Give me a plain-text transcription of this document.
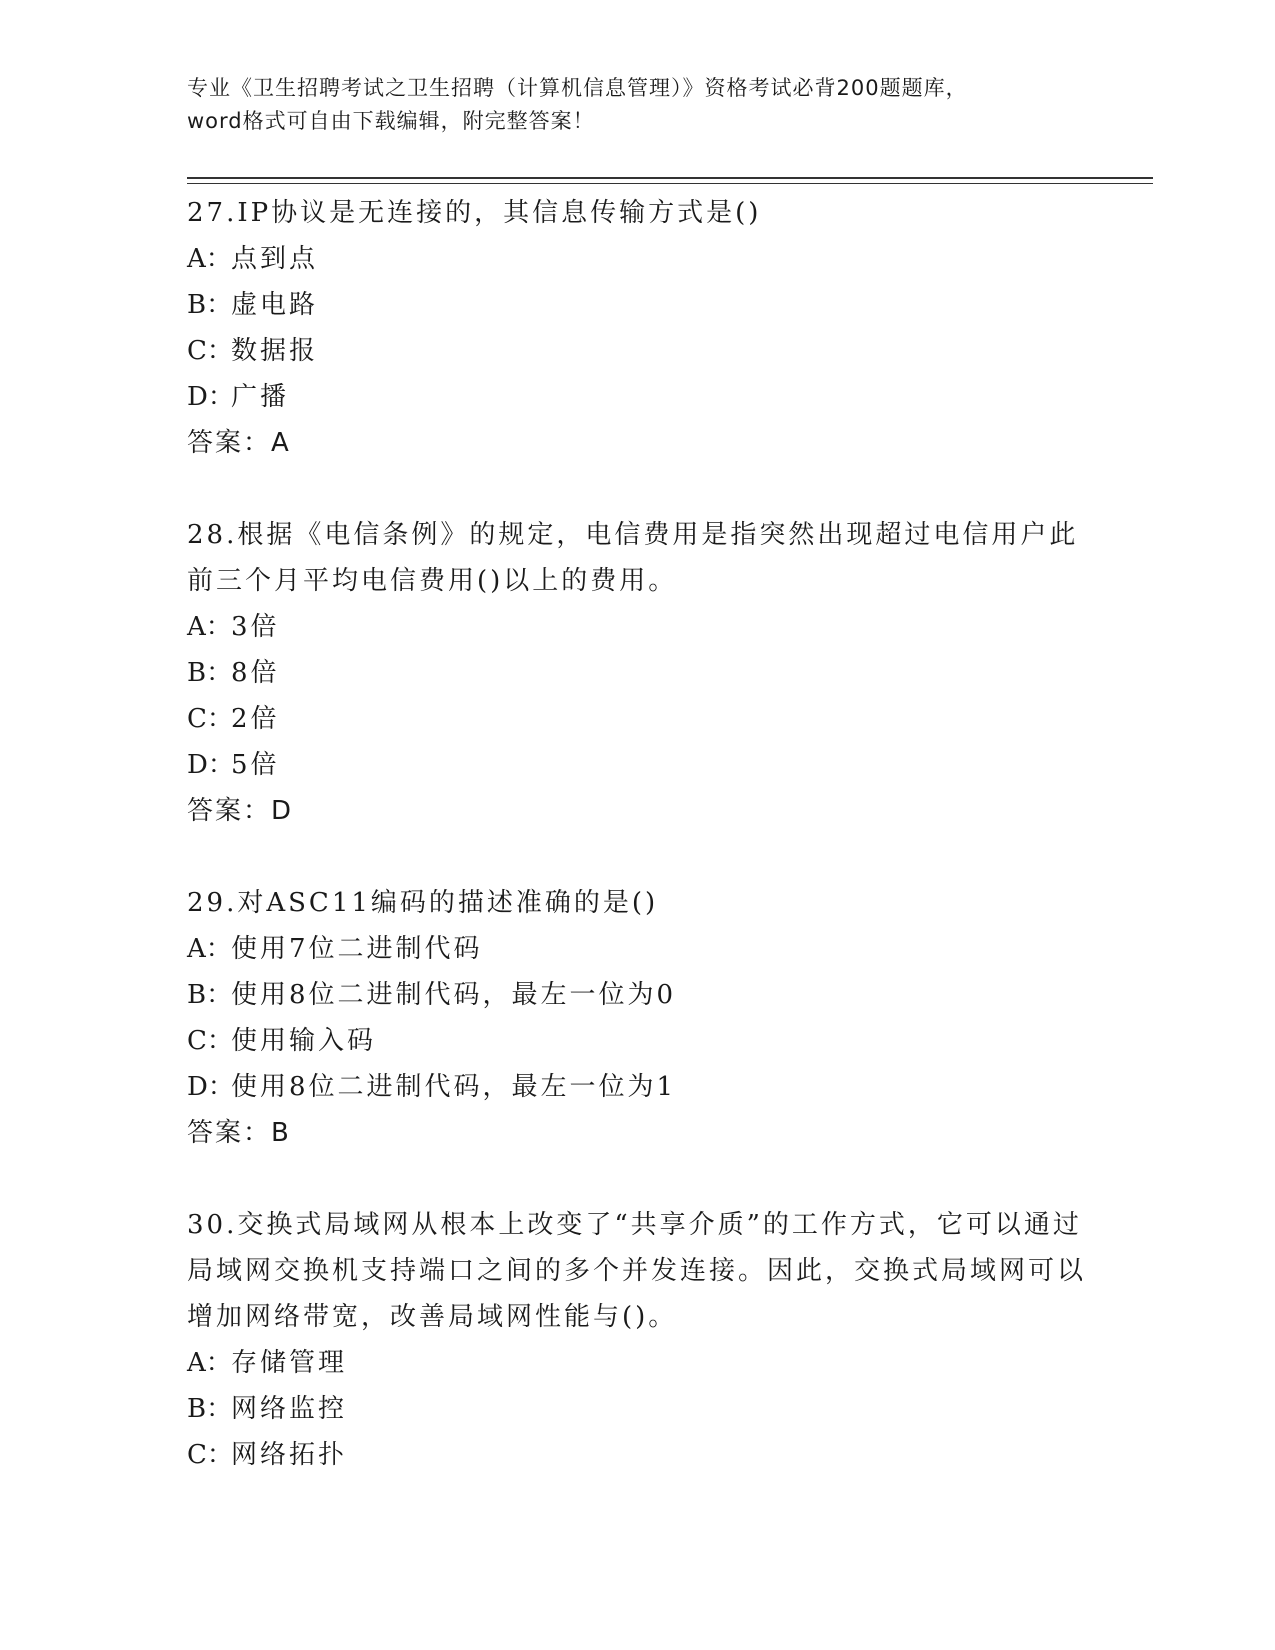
专业《卫生招聘考试之卫生招聘（计算机信息管理）》资格考试必背200题题库，
word格式可自由下载编辑，附完整答案！
27.IP协议是无连接的，其信息传输方式是()
A：点到点
B：虚电路
C：数据报
D：广播
答案：A
28.根据《电信条例》的规定，电信费用是指突然出现超过电信用户此前三个月平均电信费用()以上的费用。
A：3倍
B：8倍
C：2倍
D：5倍
答案：D
29.对ASC11编码的描述准确的是()
A：使用7位二进制代码
B：使用8位二进制代码，最左一位为0
C：使用输入码
D：使用8位二进制代码，最左一位为1
答案：B
30.交换式局域网从根本上改变了“共享介质”的工作方式，它可以通过局域网交换机支持端口之间的多个并发连接。因此，交换式局域网可以增加网络带宽，改善局域网性能与()。
A：存储管理
B：网络监控
C：网络拓扑
